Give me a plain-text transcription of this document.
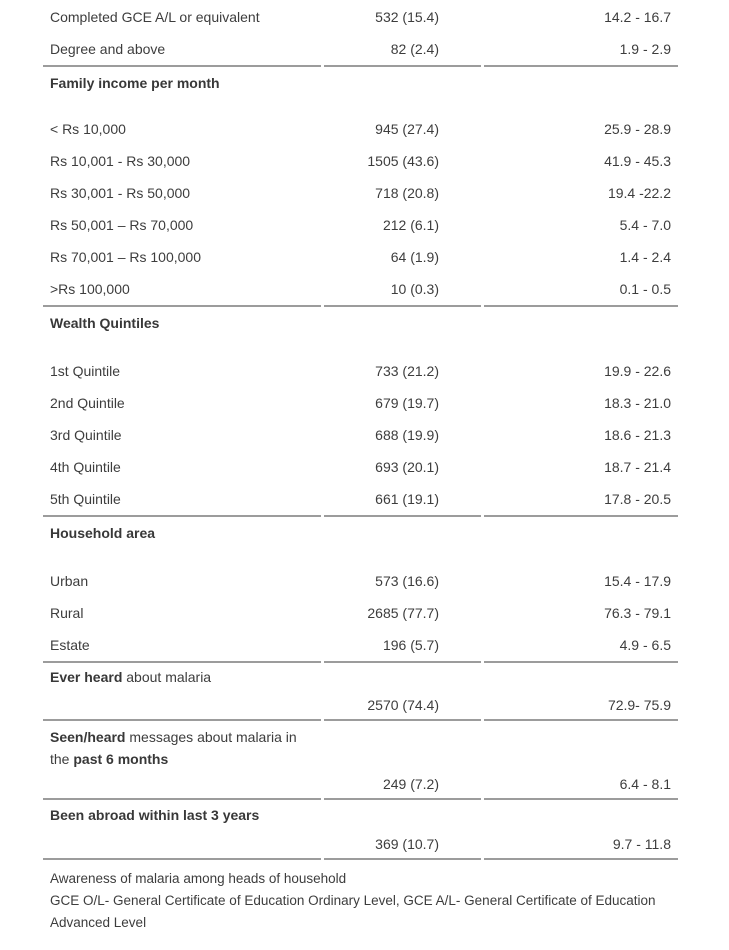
Completed GCE A/L or equivalent	532 (15.4)	14.2 - 16.7
Degree and above	82 (2.4)	1.9 - 2.9
Family income per month		

< Rs 10,000	945 (27.4)	25.9 - 28.9
Rs 10,001 - Rs 30,000	1505 (43.6)	41.9 - 45.3
Rs 30,001 - Rs 50,000	718 (20.8)	19.4 -22.2
Rs 50,001 – Rs 70,000	212 (6.1)	5.4 - 7.0
Rs 70,001 – Rs 100,000	64 (1.9)	1.4 - 2.4
>Rs 100,000	10 (0.3)	0.1 - 0.5
Wealth Quintiles		

1st Quintile	733 (21.2)	19.9 - 22.6
2nd Quintile	679 (19.7)	18.3 - 21.0
3rd Quintile	688 (19.9)	18.6 - 21.3
4th Quintile	693 (20.1)	18.7 - 21.4
5th Quintile	661 (19.1)	17.8 - 20.5
Household area		

Urban	573 (16.6)	15.4 - 17.9
Rural	2685 (77.7)	76.3 - 79.1
Estate	196 (5.7)	4.9 - 6.5
Ever heard about malaria		
	2570 (74.4)	72.9- 75.9

Seen/heard messages about malaria in
the past 6 months		

	249 (7.2)	6.4 - 8.1
Been abroad within last 3 years		
	369 (10.7)	9.7 - 11.8
Awareness of malaria among heads of household
GCE O/L- General Certificate of Education Ordinary Level, GCE A/L- General Certificate of Education
Advanced Level
